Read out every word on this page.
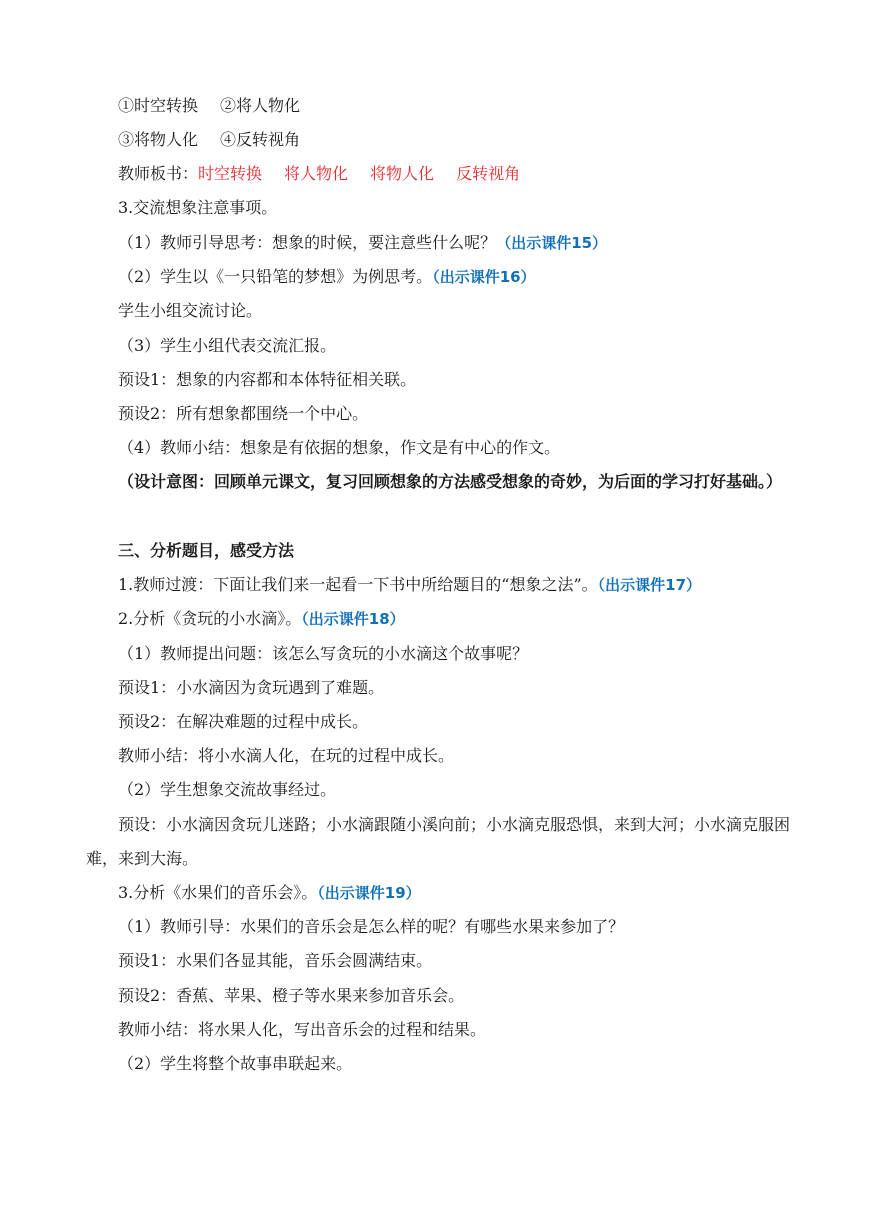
①时空转换 ②将人物化
③将物人化 ④反转视角
教师板书：时空转换 将人物化 将物人化 反转视角
3.交流想象注意事项。
（1）教师引导思考：想象的时候，要注意些什么呢？（出示课件15）
（2）学生以《一只铅笔的梦想》为例思考。（出示课件16）
学生小组交流讨论。
（3）学生小组代表交流汇报。
预设1：想象的内容都和本体特征相关联。
预设2：所有想象都围绕一个中心。
（4）教师小结：想象是有依据的想象，作文是有中心的作文。
（设计意图：回顾单元课文，复习回顾想象的方法感受想象的奇妙，为后面的学习打好基础。）
三、分析题目，感受方法
1.教师过渡：下面让我们来一起看一下书中所给题目的“想象之法”。（出示课件17）
2.分析《贪玩的小水滴》。（出示课件18）
（1）教师提出问题：该怎么写贪玩的小水滴这个故事呢？
预设1：小水滴因为贪玩遇到了难题。
预设2：在解决难题的过程中成长。
教师小结：将小水滴人化，在玩的过程中成长。
（2）学生想象交流故事经过。
预设：小水滴因贪玩儿迷路；小水滴跟随小溪向前；小水滴克服恐惧，来到大河；小水滴克服困难，来到大海。
3.分析《水果们的音乐会》。（出示课件19）
（1）教师引导：水果们的音乐会是怎么样的呢？有哪些水果来参加了？
预设1：水果们各显其能，音乐会圆满结束。
预设2：香蕉、苹果、橙子等水果来参加音乐会。
教师小结：将水果人化，写出音乐会的过程和结果。
（2）学生将整个故事串联起来。
